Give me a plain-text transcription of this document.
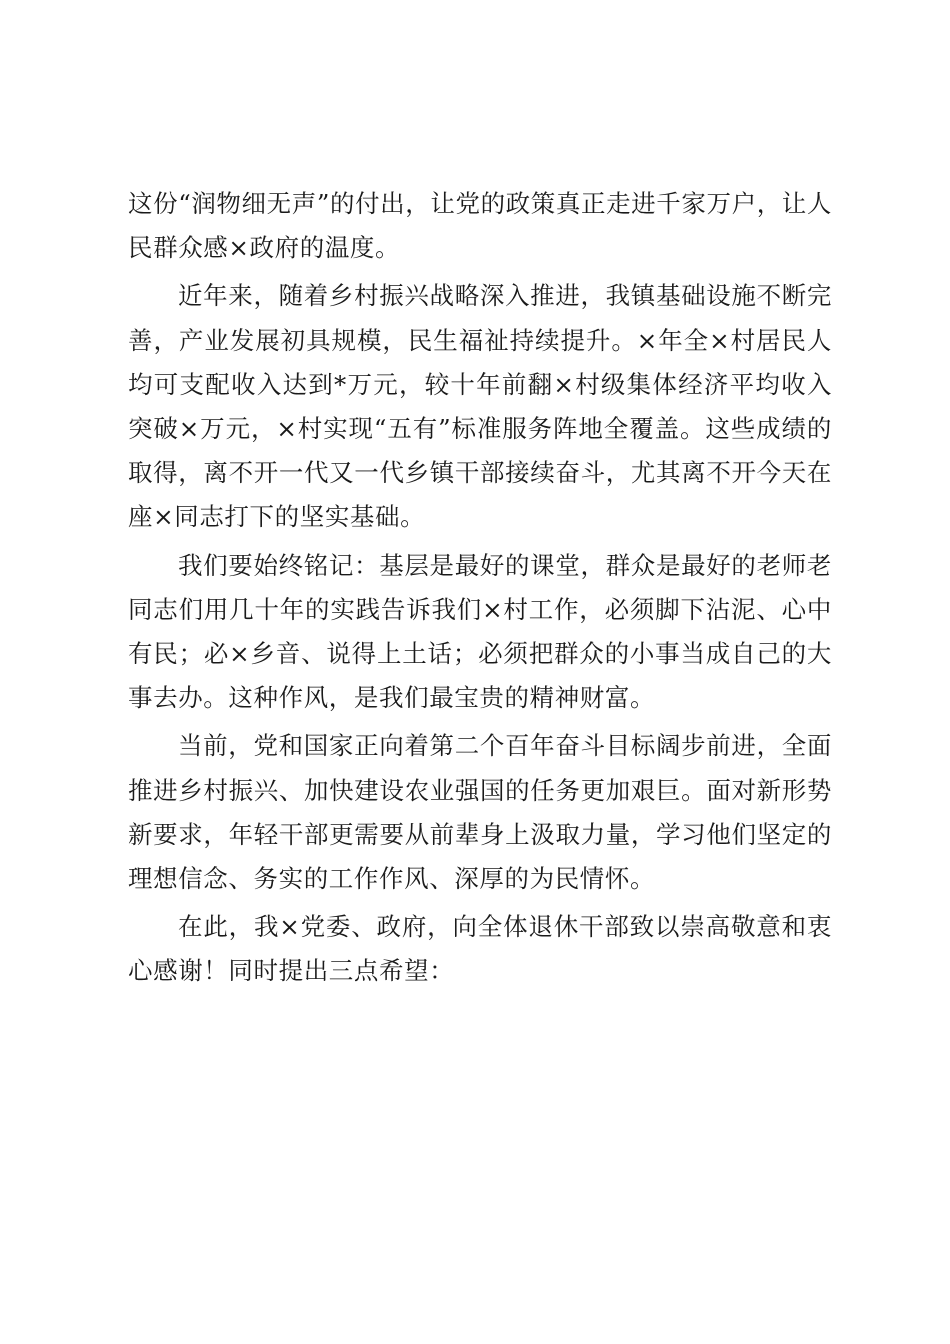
这份“润物细无声”的付出，让党的政策真正走进千家万户，让人民群众感×政府的温度。

近年来，随着乡村振兴战略深入推进，我镇基础设施不断完善，产业发展初具规模，民生福祉持续提升。×年全×村居民人均可支配收入达到*万元，较十年前翻×村级集体经济平均收入突破×万元，×村实现“五有”标准服务阵地全覆盖。这些成绩的取得，离不开一代又一代乡镇干部接续奋斗，尤其离不开今天在座×同志打下的坚实基础。

我们要始终铭记：基层是最好的课堂，群众是最好的老师老同志们用几十年的实践告诉我们×村工作，必须脚下沾泥、心中有民；必×乡音、说得上土话；必须把群众的小事当成自己的大事去办。这种作风，是我们最宝贵的精神财富。

当前，党和国家正向着第二个百年奋斗目标阔步前进，全面推进乡村振兴、加快建设农业强国的任务更加艰巨。面对新形势新要求，年轻干部更需要从前辈身上汲取力量，学习他们坚定的理想信念、务实的工作作风、深厚的为民情怀。

在此，我×党委、政府，向全体退休干部致以崇高敬意和衷心感谢！同时提出三点希望：
